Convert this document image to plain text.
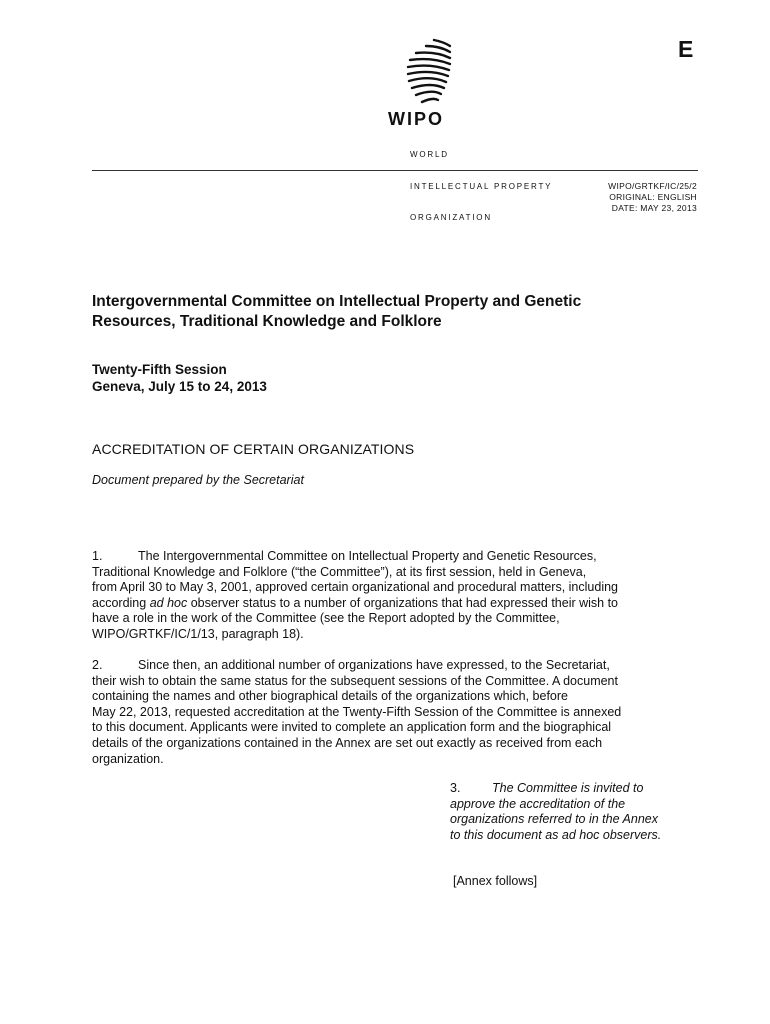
E
WIPO

WORLD

INTELLECTUAL PROPERTY

ORGANIZATION

WIPO/GRTKF/IC/25/2
ORIGINAL: ENGLISH
DATE: MAY 23, 2013
Intergovernmental Committee on Intellectual Property and Genetic
Resources, Traditional Knowledge and Folklore
Twenty-Fifth Session
Geneva, July 15 to 24, 2013
ACCREDITATION OF CERTAIN ORGANIZATIONS
Document prepared by the Secretariat
1.	The Intergovernmental Committee on Intellectual Property and Genetic Resources,
Traditional Knowledge and Folklore (“the Committee”), at its first session, held in Geneva,
from April 30 to May 3, 2001, approved certain organizational and procedural matters, including
according ad hoc observer status to a number of organizations that had expressed their wish to
have a role in the work of the Committee (see the Report adopted by the Committee,
WIPO/GRTKF/IC/1/13, paragraph 18).
2.	Since then, an additional number of organizations have expressed, to the Secretariat,
their wish to obtain the same status for the subsequent sessions of the Committee. A document
containing the names and other biographical details of the organizations which, before
May 22, 2013, requested accreditation at the Twenty-Fifth Session of the Committee is annexed
to this document. Applicants were invited to complete an application form and the biographical
details of the organizations contained in the Annex are set out exactly as received from each
organization.
3.	The Committee is invited to
approve the accreditation of the
organizations referred to in the Annex
to this document as ad hoc observers.
[Annex follows]
